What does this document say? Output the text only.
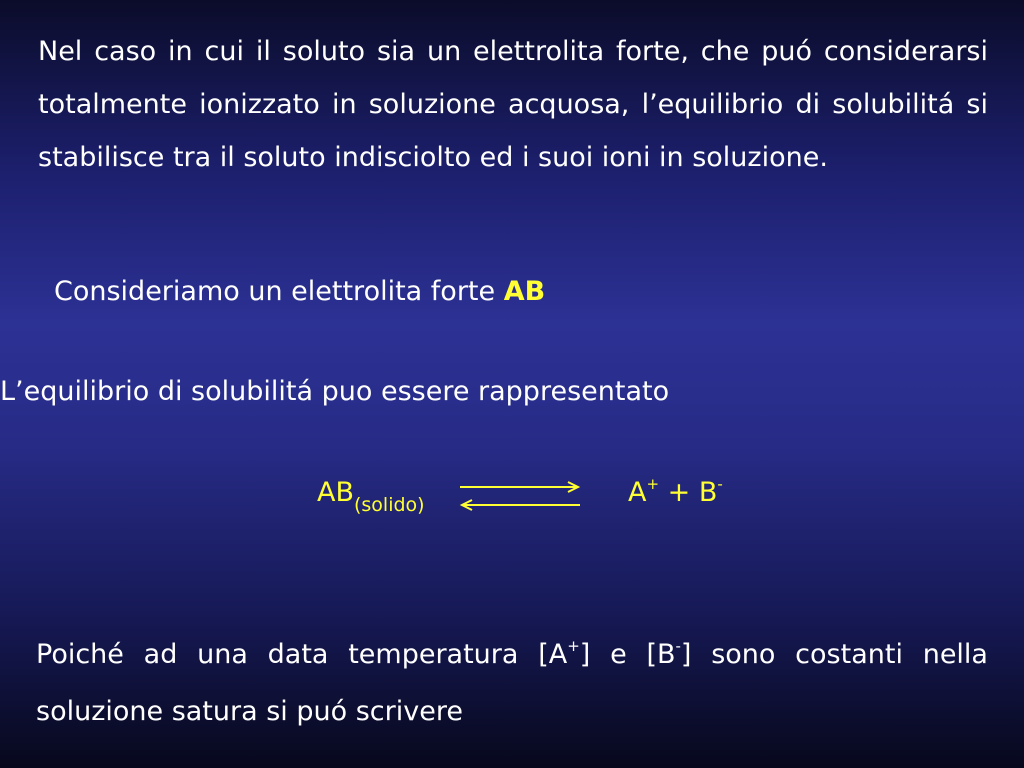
Nel caso in cui il soluto sia un elettrolita forte, che puó considerarsi totalmente ionizzato in soluzione acquosa, l’equilibrio di solubilitá si stabilisce tra il soluto indisciolto ed i suoi ioni in soluzione.
Consideriamo un elettrolita forte AB
L’equilibrio di solubilitá puo essere rappresentato
$AB_{(solido)}$	A+ + B-
Poiché ad una data temperatura [A+] e [B-] sono costanti nella soluzione satura si puó scrivere
